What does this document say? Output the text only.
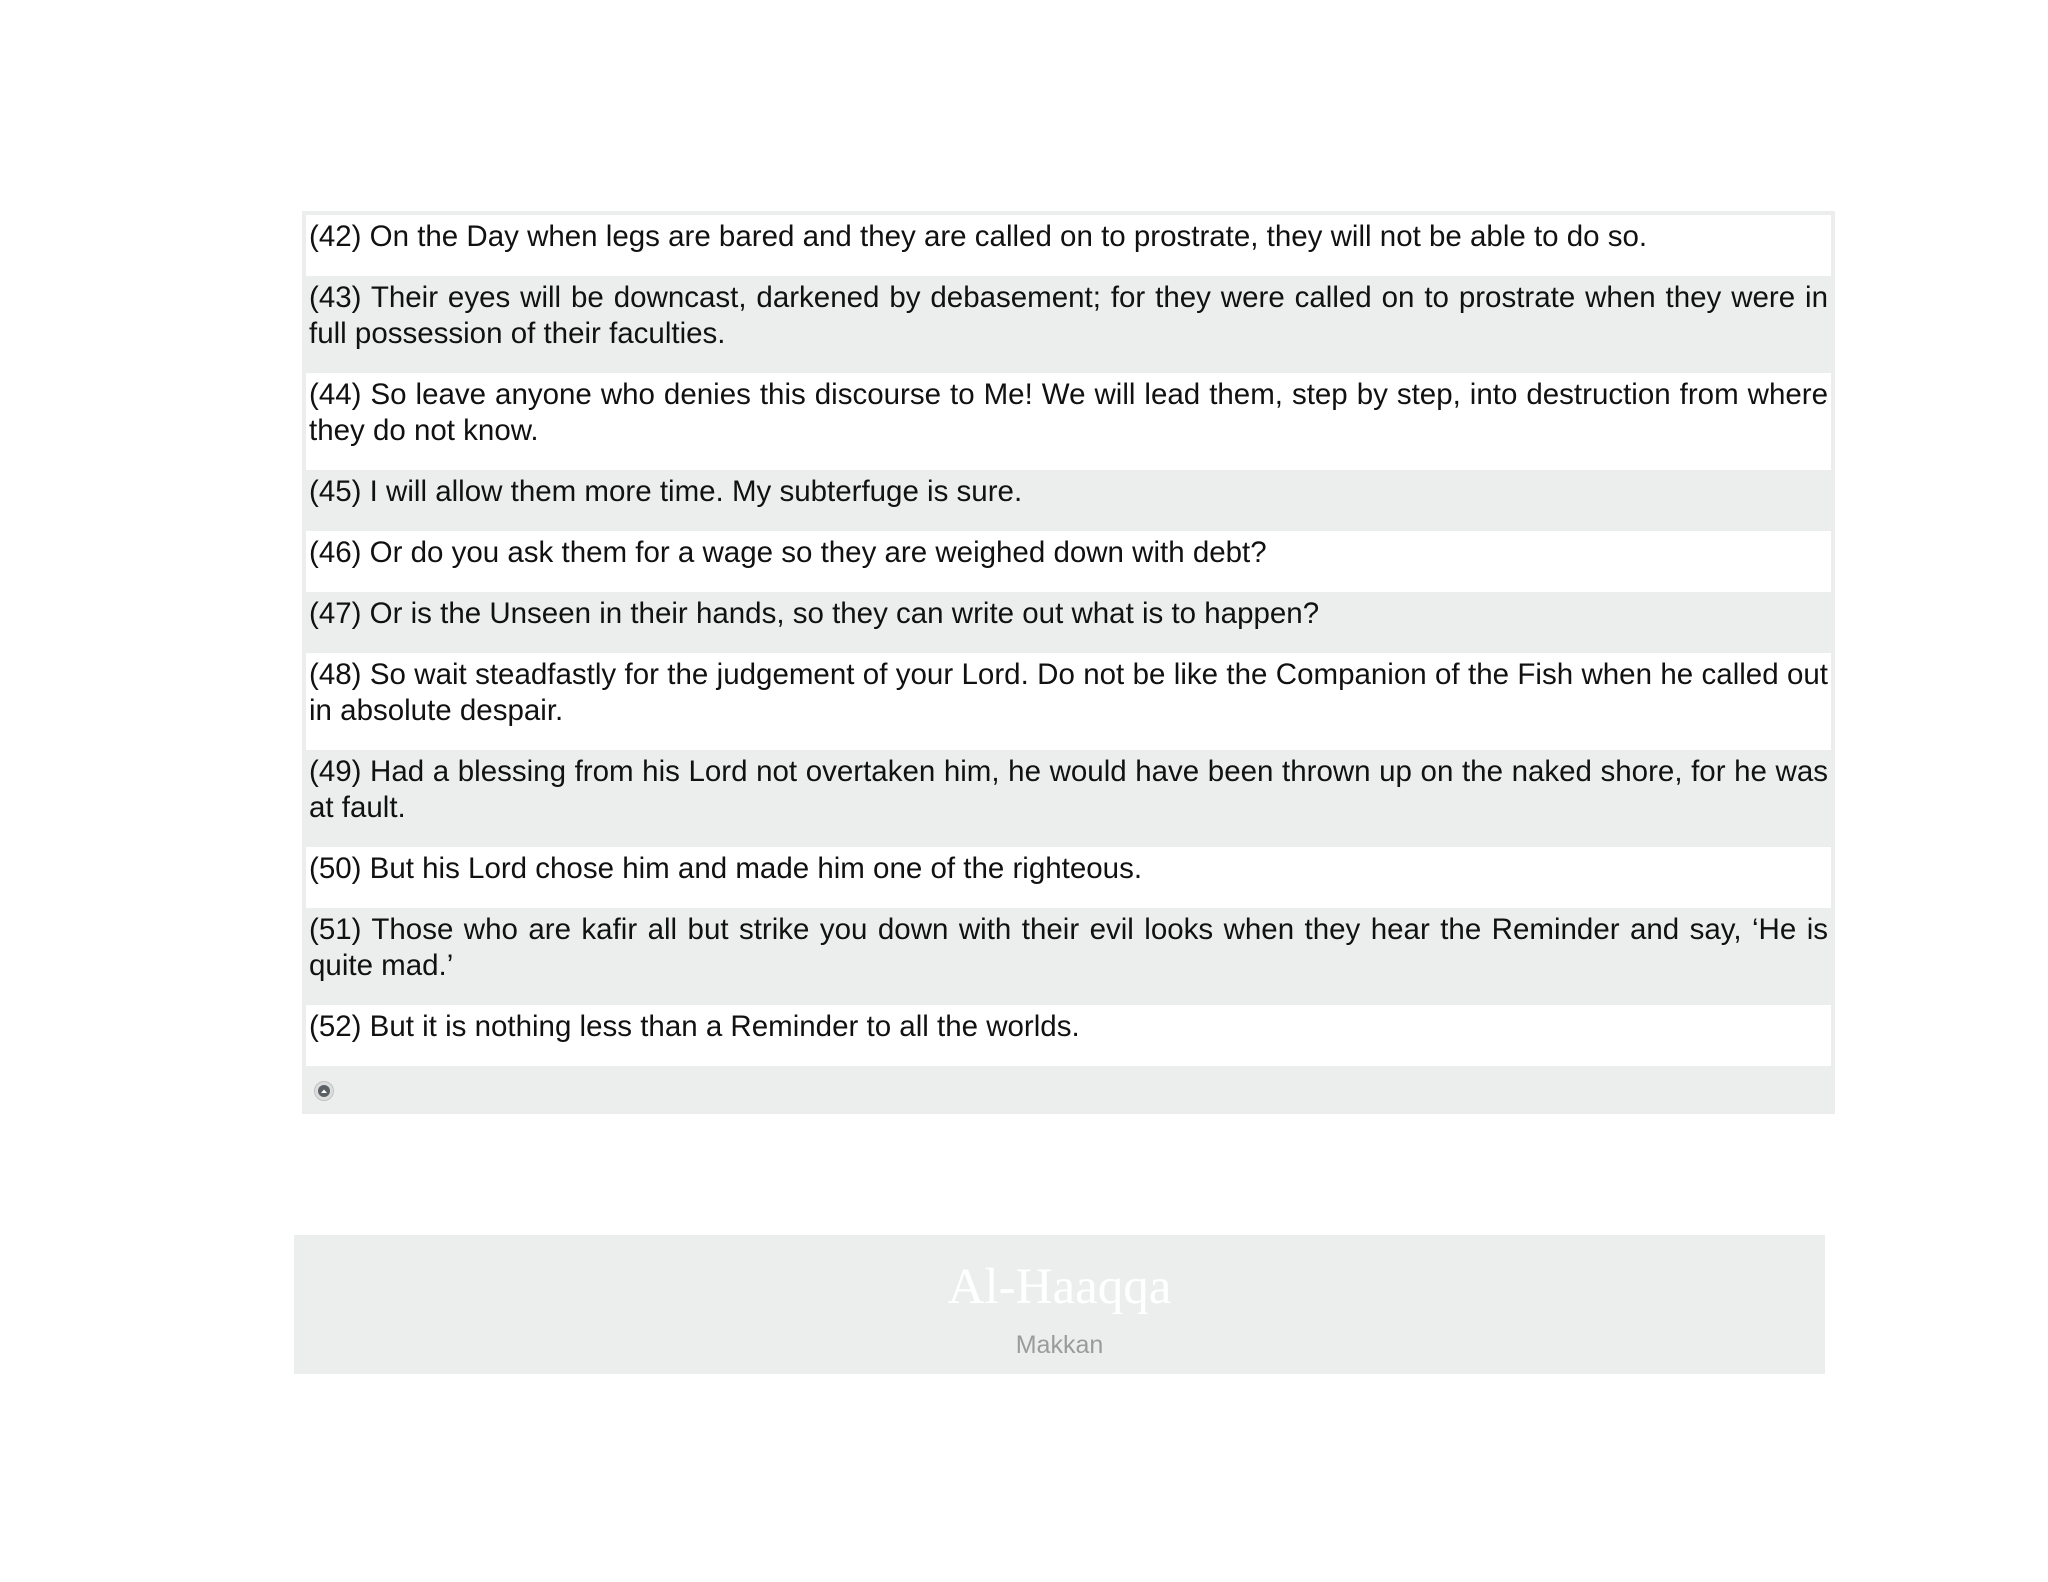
(42) On the Day when legs are bared and they are called on to prostrate, they will not be able to do so.
(43) Their eyes will be downcast, darkened by debasement; for they were called on to prostrate when they were in full possession of their faculties.
(44) So leave anyone who denies this discourse to Me! We will lead them, step by step, into destruction from where they do not know.
(45) I will allow them more time. My subterfuge is sure.
(46) Or do you ask them for a wage so they are weighed down with debt?
(47) Or is the Unseen in their hands, so they can write out what is to happen?
(48) So wait steadfastly for the judgement of your Lord. Do not be like the Companion of the Fish when he called out in absolute despair.
(49) Had a blessing from his Lord not overtaken him, he would have been thrown up on the naked shore, for he was at fault.
(50) But his Lord chose him and made him one of the righteous.
(51) Those who are kafir all but strike you down with their evil looks when they hear the Reminder and say, ‘He is quite mad.’
(52) But it is nothing less than a Reminder to all the worlds.
Al-Haaqqa
Makkan
